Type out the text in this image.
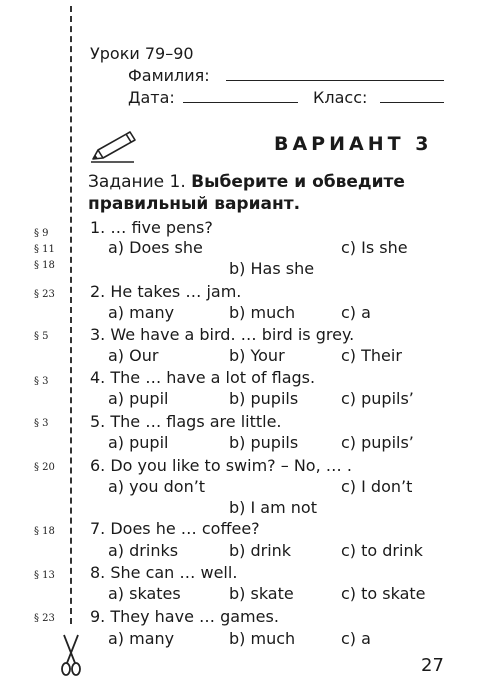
§ 9
§ 11
§ 18
§ 23
§ 5
§ 3
§ 3
§ 20
§ 18
§ 13
§ 23
Уроки 79–90
Фамилия:
Дата:	Класс:
ВАРИАНТ 3
Задание 1. Выберите и обведите
правильный вариант.
1. … five pens?
a) Does she	c) Is she
b) Has she
2. He takes … jam.
a) many	b) much	c) a
3. We have a bird. … bird is grey.
a) Our	b) Your	c) Their
4. The … have a lot of flags.
a) pupil	b) pupils	c) pupils’
5. The … flags are little.
a) pupil	b) pupils	c) pupils’
6. Do you like to swim? – No, … .
a) you don’t	c) I don’t
b) I am not
7. Does he … coffee?
a) drinks	b) drink	c) to drink
8. She can … well.
a) skates	b) skate	c) to skate
9. They have … games.
a) many	b) much	c) a
27
